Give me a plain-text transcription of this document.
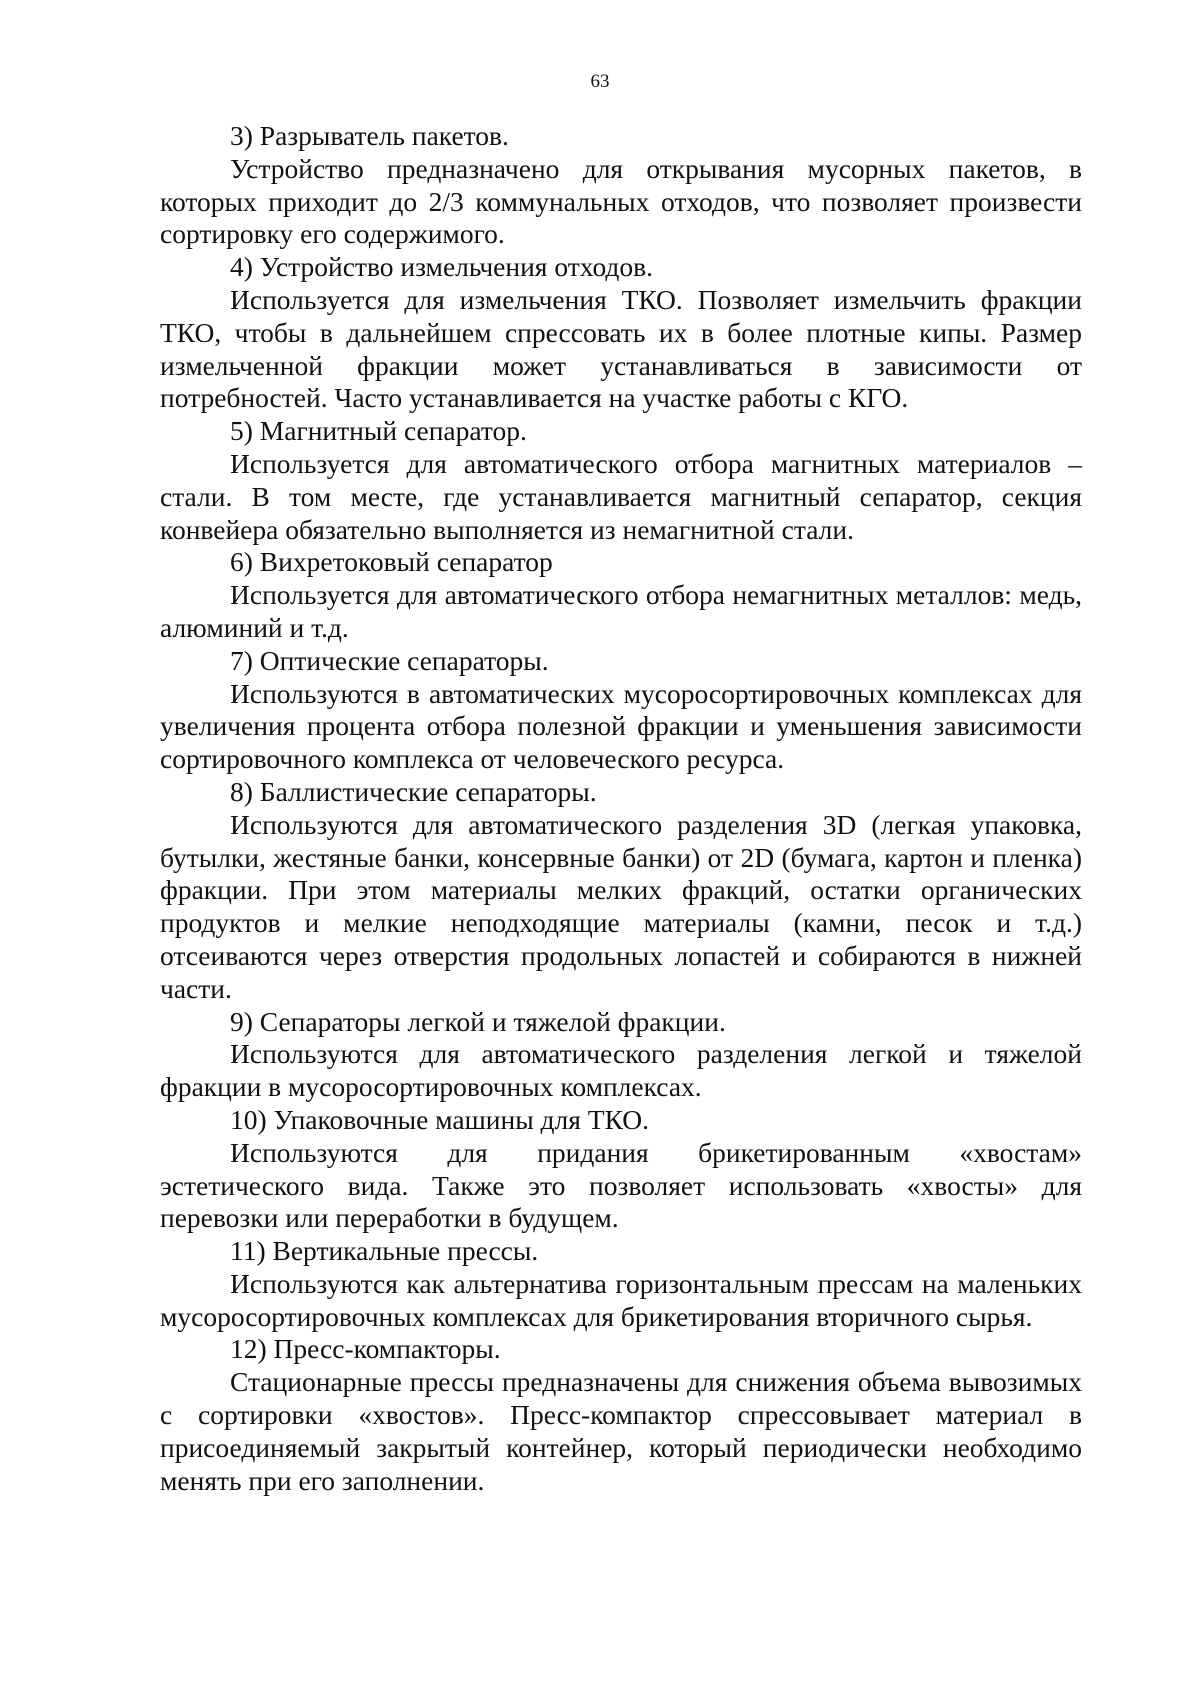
63
3) Разрыватель пакетов.

Устройство предназначено для открывания мусорных пакетов, в которых приходит до 2/3 коммунальных отходов, что позволяет произвести сортировку его содержимого.

4) Устройство измельчения отходов.

Используется для измельчения ТКО. Позволяет измельчить фракции ТКО, чтобы в дальнейшем спрессовать их в более плотные кипы. Размер измельченной фракции может устанавливаться в зависимости от потребностей. Часто устанавливается на участке работы с КГО.

5) Магнитный сепаратор.

Используется для автоматического отбора магнитных материалов – стали. В том месте, где устанавливается магнитный сепаратор, секция конвейера обязательно выполняется из немагнитной стали.

6) Вихретоковый сепаратор

Используется для автоматического отбора немагнитных металлов: медь, алюминий и т.д.

7) Оптические сепараторы.

Используются в автоматических мусоросортировочных комплексах для увеличения процента отбора полезной фракции и уменьшения зависимости сортировочного комплекса от человеческого ресурса.

8) Баллистические сепараторы.

Используются для автоматического разделения 3D (легкая упаковка, бутылки, жестяные банки, консервные банки) от 2D (бумага, картон и пленка) фракции. При этом материалы мелких фракций, остатки органических продуктов и мелкие неподходящие материалы (камни, песок и т.д.) отсеиваются через отверстия продольных лопастей и собираются в нижней части.

9) Сепараторы легкой и тяжелой фракции.

Используются для автоматического разделения легкой и тяжелой фракции в мусоросортировочных комплексах.

10) Упаковочные машины для ТКО.

Используются для придания брикетированным «хвостам» эстетического вида. Также это позволяет использовать «хвосты» для перевозки или переработки в будущем.

11) Вертикальные прессы.

Используются как альтернатива горизонтальным прессам на маленьких мусоросортировочных комплексах для брикетирования вторичного сырья.

12) Пресс-компакторы.

Стационарные прессы предназначены для снижения объема вывозимых с сортировки «хвостов». Пресс-компактор спрессовывает материал в присоединяемый закрытый контейнер, который периодически необходимо менять при его заполнении.
